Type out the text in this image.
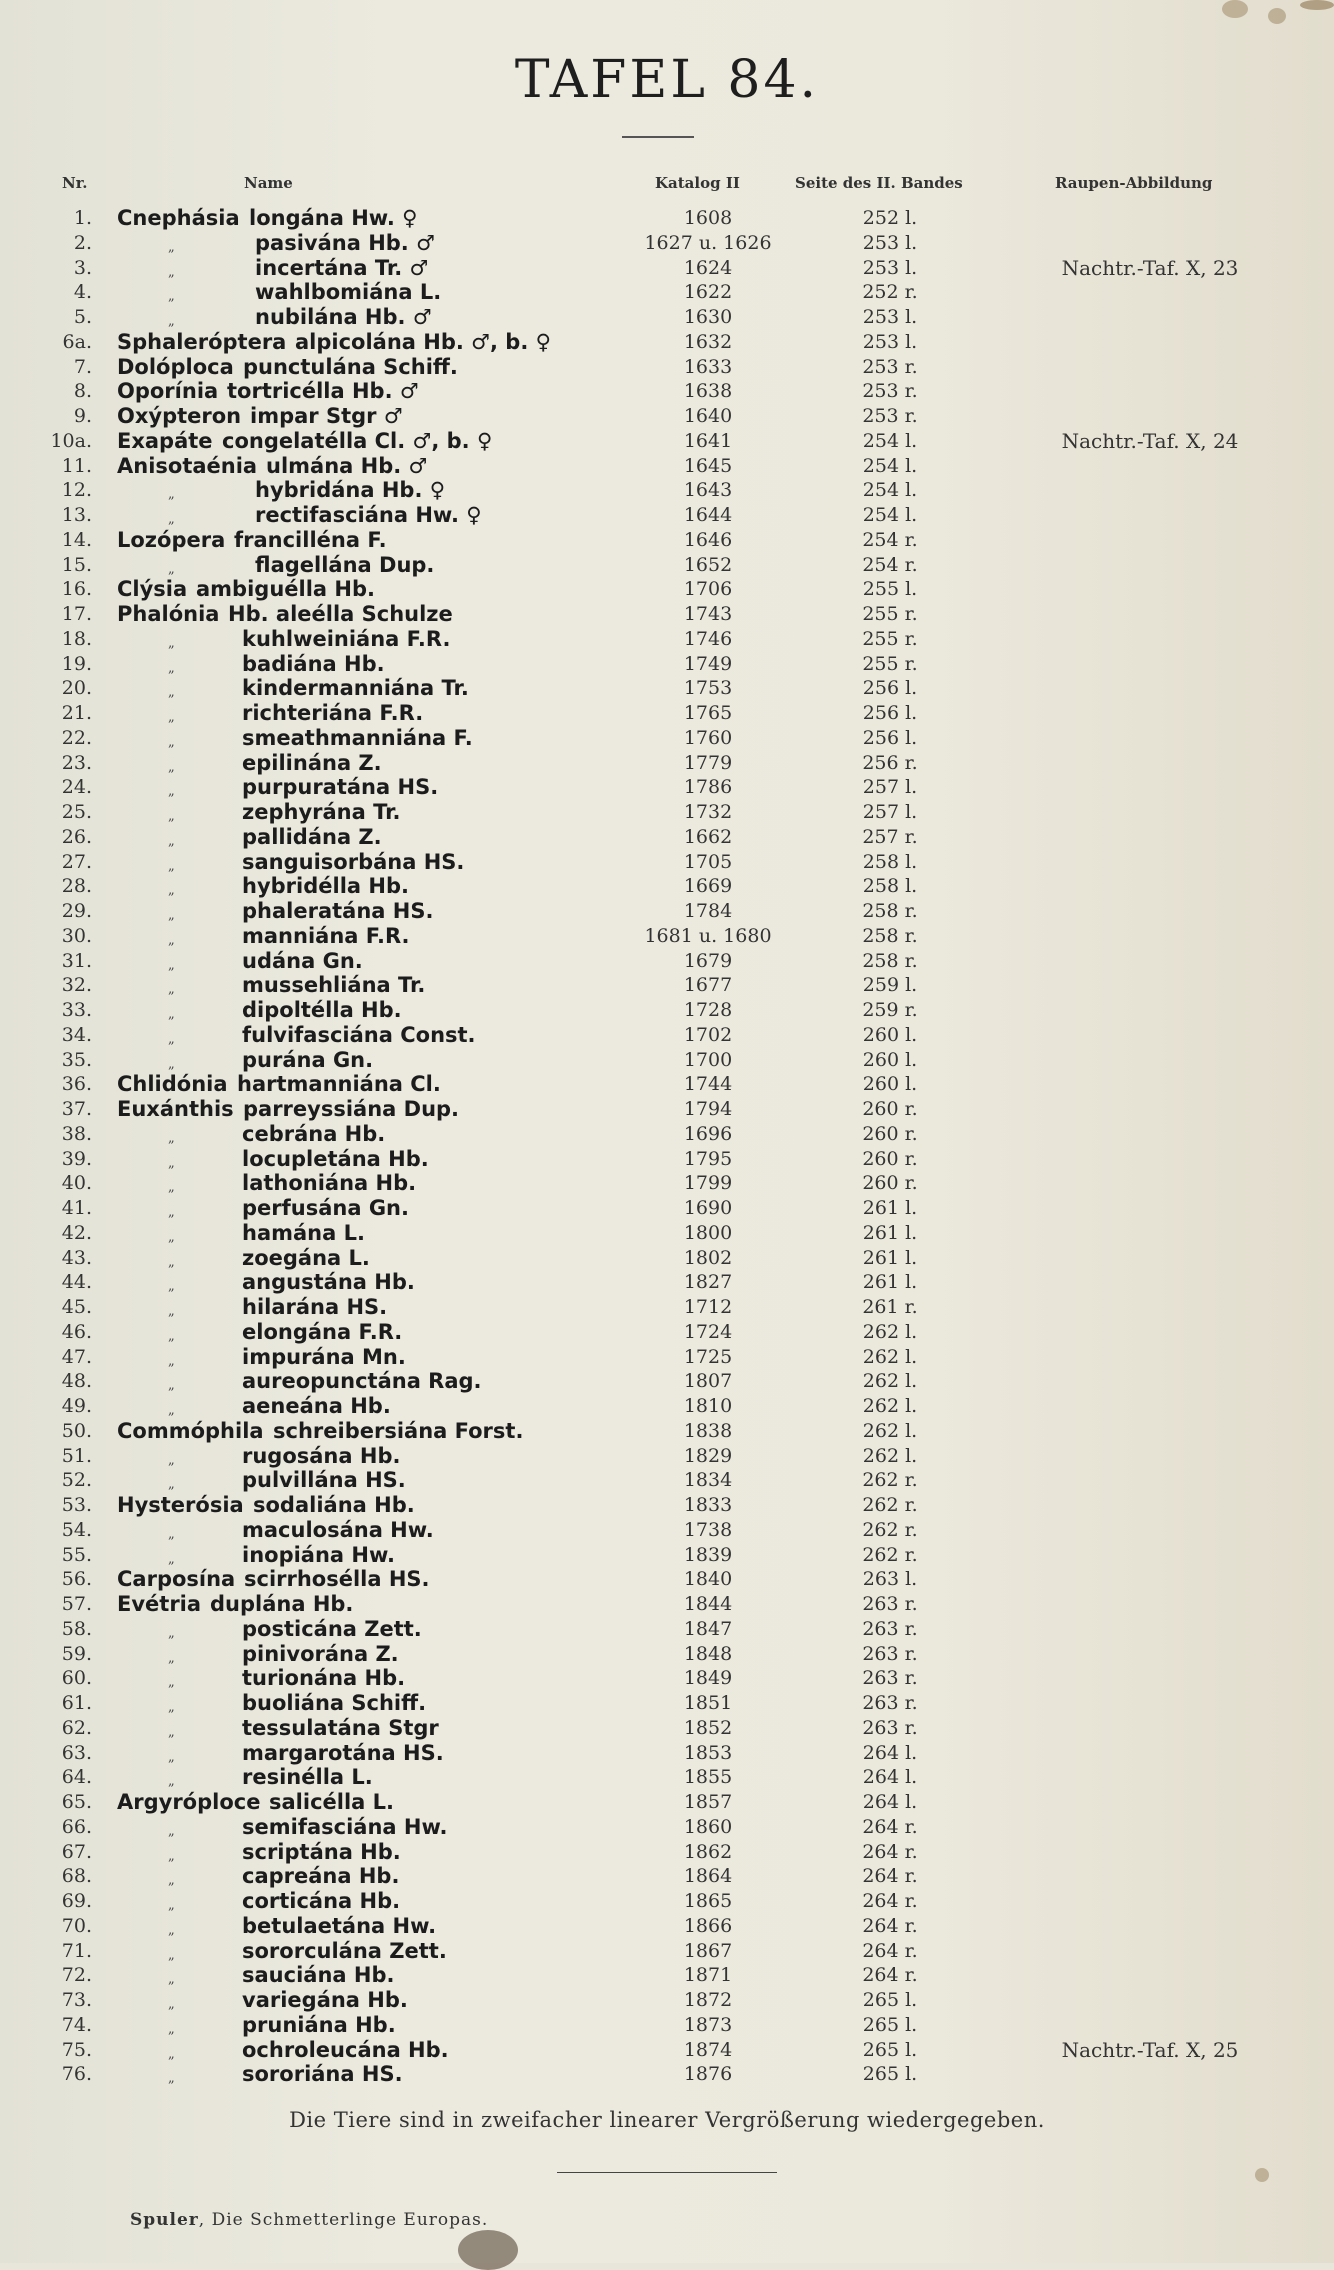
TAFEL 84.
Nr.	Name	Katalog II	Seite des II. Bandes	Raupen-Abbildung
1. Cnephásia longána Hw. ♀	1608	252 l.
2.	„	pasivána Hb. ♂	1627 u. 1626	253 l.
3.	„	incertána Tr. ♂	1624	253 l.	Nachtr.-Taf. X, 23
4.	„	wahlbomiána L.	1622	252 r.
5.	„	nubilána Hb. ♂	1630	253 l.
6a. Sphaleróptera alpicolána Hb. ♂, b. ♀	1632	253 l.
7. Dolóploca punctulána Schiff.	1633	253 r.
8. Oporínia tortricélla Hb. ♂	1638	253 r.
9. Oxýpteron impar Stgr ♂	1640	253 r.
10a. Exapáte congelatélla Cl. ♂, b. ♀	1641	254 l.	Nachtr.-Taf. X, 24
11. Anisotaénia ulmána Hb. ♂	1645	254 l.
12.	„	hybridána Hb. ♀	1643	254 l.
13.	„	rectifasciána Hw. ♀	1644	254 l.
14. Lozópera francilléna F.	1646	254 r.
15.	„	flagellána Dup.	1652	254 r.
16. Clýsia ambiguélla Hb.	1706	255 l.
17. Phalónia Hb. aleélla Schulze	1743	255 r.
18.	„	kuhlweiniána F.R.	1746	255 r.
19.	„	badiána Hb.	1749	255 r.
20.	„	kindermanniána Tr.	1753	256 l.
21.	„	richteriána F.R.	1765	256 l.
22.	„	smeathmanniána F.	1760	256 l.
23.	„	epilinána Z.	1779	256 r.
24.	„	purpuratána HS.	1786	257 l.
25.	„	zephyrána Tr.	1732	257 l.
26.	„	pallidána Z.	1662	257 r.
27.	„	sanguisorbána HS.	1705	258 l.
28.	„	hybridélla Hb.	1669	258 l.
29.	„	phaleratána HS.	1784	258 r.
30.	„	manniána F.R.	1681 u. 1680	258 r.
31.	„	udána Gn.	1679	258 r.
32.	„	mussehliána Tr.	1677	259 l.
33.	„	dipoltélla Hb.	1728	259 r.
34.	„	fulvifasciána Const.	1702	260 l.
35.	„	purána Gn.	1700	260 l.
36. Chlidónia hartmanniána Cl.	1744	260 l.
37. Euxánthis parreyssiána Dup.	1794	260 r.
38.	„	cebrána Hb.	1696	260 r.
39.	„	locupletána Hb.	1795	260 r.
40.	„	lathoniána Hb.	1799	260 r.
41.	„	perfusána Gn.	1690	261 l.
42.	„	hamána L.	1800	261 l.
43.	„	zoegána L.	1802	261 l.
44.	„	angustána Hb.	1827	261 l.
45.	„	hilarána HS.	1712	261 r.
46.	„	elongána F.R.	1724	262 l.
47.	„	impurána Mn.	1725	262 l.
48.	„	aureopunctána Rag.	1807	262 l.
49.	„	aeneána Hb.	1810	262 l.
50. Commóphila schreibersiána Forst.	1838	262 l.
51.	„	rugosána Hb.	1829	262 l.
52.	„	pulvillána HS.	1834	262 r.
53. Hysterósia sodaliána Hb.	1833	262 r.
54.	„	maculosána Hw.	1738	262 r.
55.	„	inopiána Hw.	1839	262 r.
56. Carposína scirrhosélla HS.	1840	263 l.
57. Evétria duplána Hb.	1844	263 r.
58.	„	posticána Zett.	1847	263 r.
59.	„	pinivorána Z.	1848	263 r.
60.	„	turionána Hb.	1849	263 r.
61.	„	buoliána Schiff.	1851	263 r.
62.	„	tessulatána Stgr	1852	263 r.
63.	„	margarotána HS.	1853	264 l.
64.	„	resinélla L.	1855	264 l.
65. Argyróploce salicélla L.	1857	264 l.
66.	„	semifasciána Hw.	1860	264 r.
67.	„	scriptána Hb.	1862	264 r.
68.	„	capreána Hb.	1864	264 r.
69.	„	corticána Hb.	1865	264 r.
70.	„	betulaetána Hw.	1866	264 r.
71.	„	sororculána Zett.	1867	264 r.
72.	„	sauciána Hb.	1871	264 r.
73.	„	variegána Hb.	1872	265 l.
74.	„	pruniána Hb.	1873	265 l.
75.	„	ochroleucána Hb.	1874	265 l.	Nachtr.-Taf. X, 25
76.	„	sororiána HS.	1876	265 l.
Die Tiere sind in zweifacher linearer Vergrößerung wiedergegeben.
Spuler, Die Schmetterlinge Europas.
